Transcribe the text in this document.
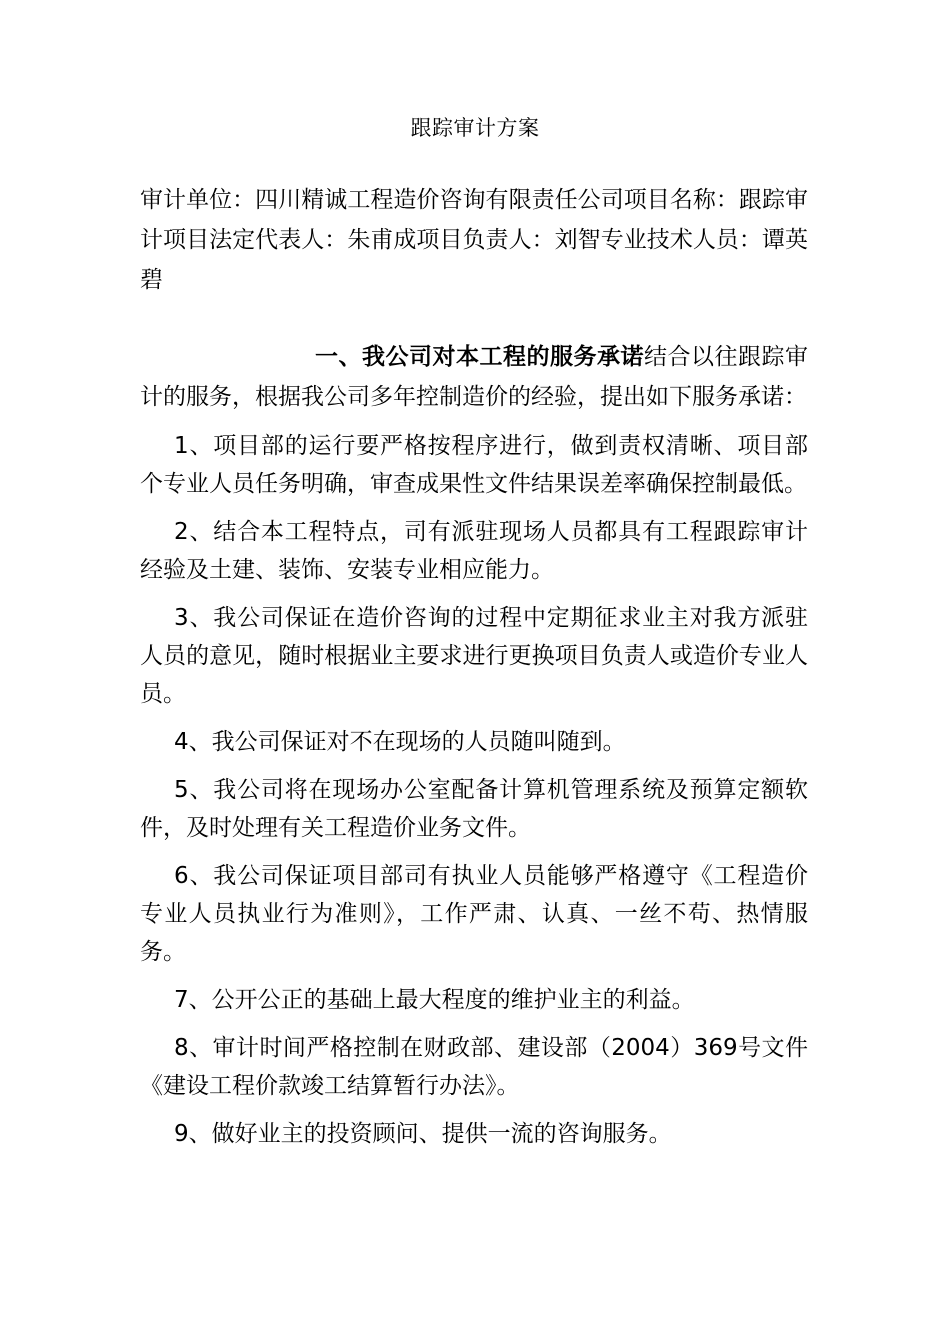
跟踪审计方案
审计单位：四川精诚工程造价咨询有限责任公司项目名称：跟踪审计项目法定代表人：朱甫成项目负责人：刘智专业技术人员：谭英碧

一、我公司对本工程的服务承诺结合以往跟踪审计的服务，根据我公司多年控制造价的经验，提出如下服务承诺：

1、项目部的运行要严格按程序进行，做到责权清晰、项目部个专业人员任务明确，审查成果性文件结果误差率确保控制最低。

2、结合本工程特点，司有派驻现场人员都具有工程跟踪审计经验及土建、装饰、安装专业相应能力。

3、我公司保证在造价咨询的过程中定期征求业主对我方派驻人员的意见，随时根据业主要求进行更换项目负责人或造价专业人员。

4、我公司保证对不在现场的人员随叫随到。

5、我公司将在现场办公室配备计算机管理系统及预算定额软件，及时处理有关工程造价业务文件。

6、我公司保证项目部司有执业人员能够严格遵守《工程造价专业人员执业行为准则》，工作严肃、认真、一丝不苟、热情服务。

7、公开公正的基础上最大程度的维护业主的利益。

8、审计时间严格控制在财政部、建设部（2004）369号文件《建设工程价款竣工结算暂行办法》。

9、做好业主的投资顾问、提供一流的咨询服务。
